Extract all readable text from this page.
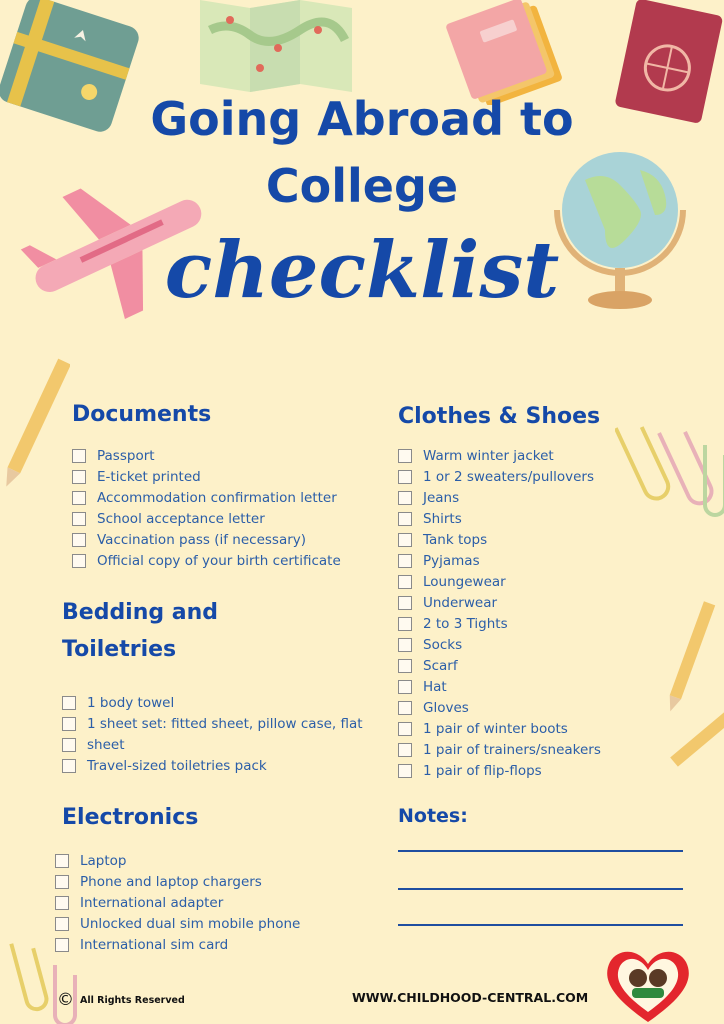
Going Abroad to
College
checklist
Documents
Passport
E-ticket printed
Accommodation confirmation letter
School acceptance letter
Vaccination pass (if necessary)
Official copy of your birth certificate
Bedding and
Toiletries
1 body towel
1 sheet set: fitted sheet, pillow case, flat
sheet
Travel-sized toiletries pack
Electronics
Laptop
Phone and laptop chargers
International adapter
Unlocked dual sim mobile phone
International sim card
Clothes & Shoes
Warm winter jacket
1 or 2 sweaters/pullovers
Jeans
Shirts
Tank tops
Pyjamas
Loungewear
Underwear
2 to 3 Tights
Socks
Scarf
Hat
Gloves
1 pair of winter boots
1 pair of trainers/sneakers
1 pair of flip-flops
Notes:
© All Rights Reserved	WWW.CHILDHOOD-CENTRAL.COM
